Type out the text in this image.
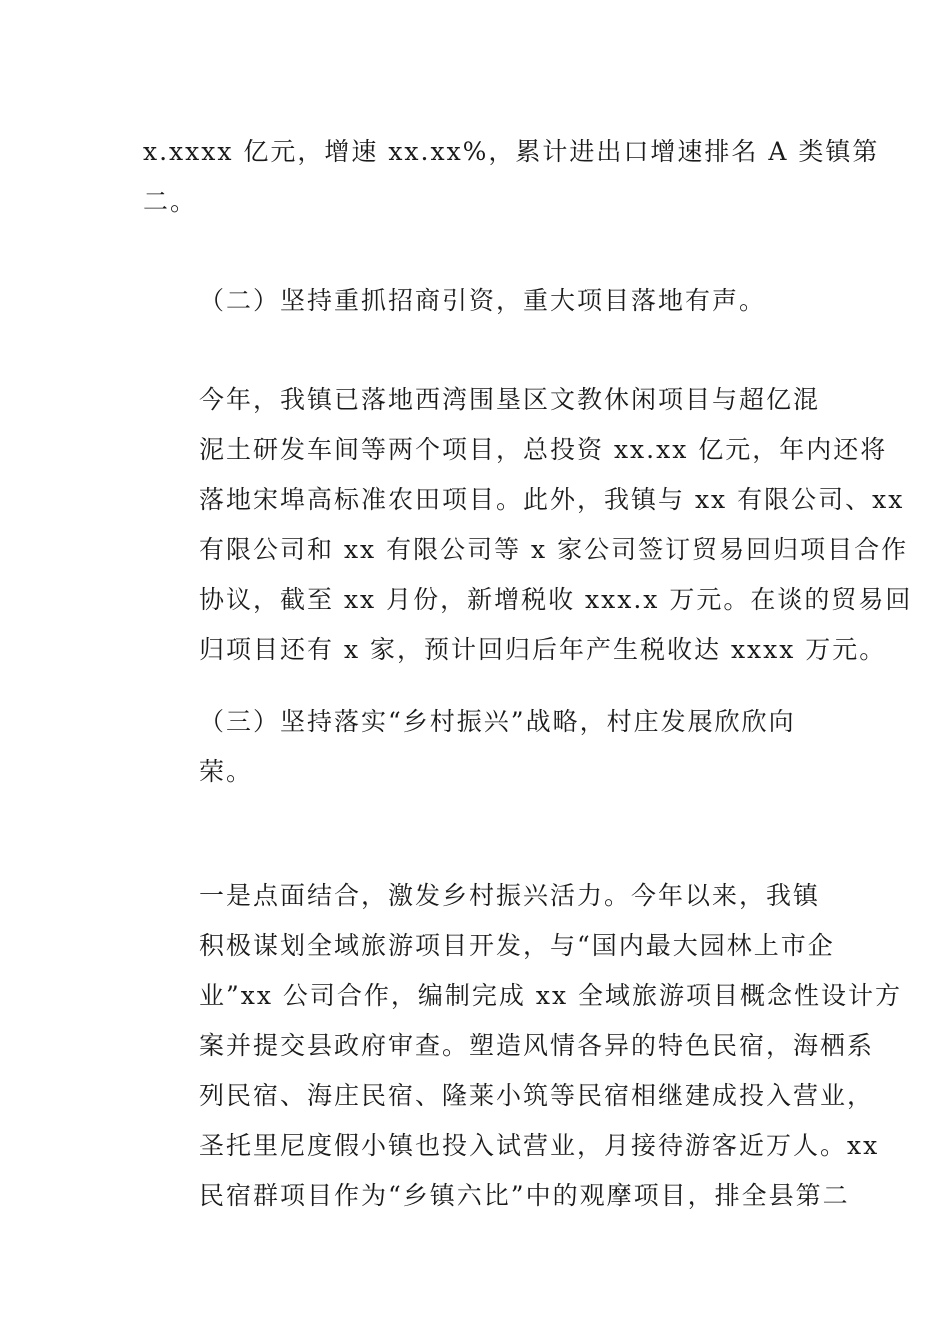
x.xxxx 亿元，增速 xx.xx%，累计进出口增速排名 A 类镇第
二。

（二）坚持重抓招商引资，重大项目落地有声。

今年，我镇已落地西湾围垦区文教休闲项目与超亿混
泥土研发车间等两个项目，总投资 xx.xx 亿元，年内还将
落地宋埠高标准农田项目。此外，我镇与 xx 有限公司、xx
有限公司和 xx 有限公司等 x 家公司签订贸易回归项目合作
协议，截至 xx 月份，新增税收 xxx.x 万元。在谈的贸易回
归项目还有 x 家，预计回归后年产生税收达 xxxx 万元。

（三）坚持落实“乡村振兴”战略，村庄发展欣欣向
荣。

一是点面结合，激发乡村振兴活力。今年以来，我镇
积极谋划全域旅游项目开发，与“国内最大园林上市企
业”xx 公司合作，编制完成 xx 全域旅游项目概念性设计方
案并提交县政府审查。塑造风情各异的特色民宿，海栖系
列民宿、海庄民宿、隆莱小筑等民宿相继建成投入营业，
圣托里尼度假小镇也投入试营业，月接待游客近万人。xx
民宿群项目作为“乡镇六比”中的观摩项目，排全县第二
